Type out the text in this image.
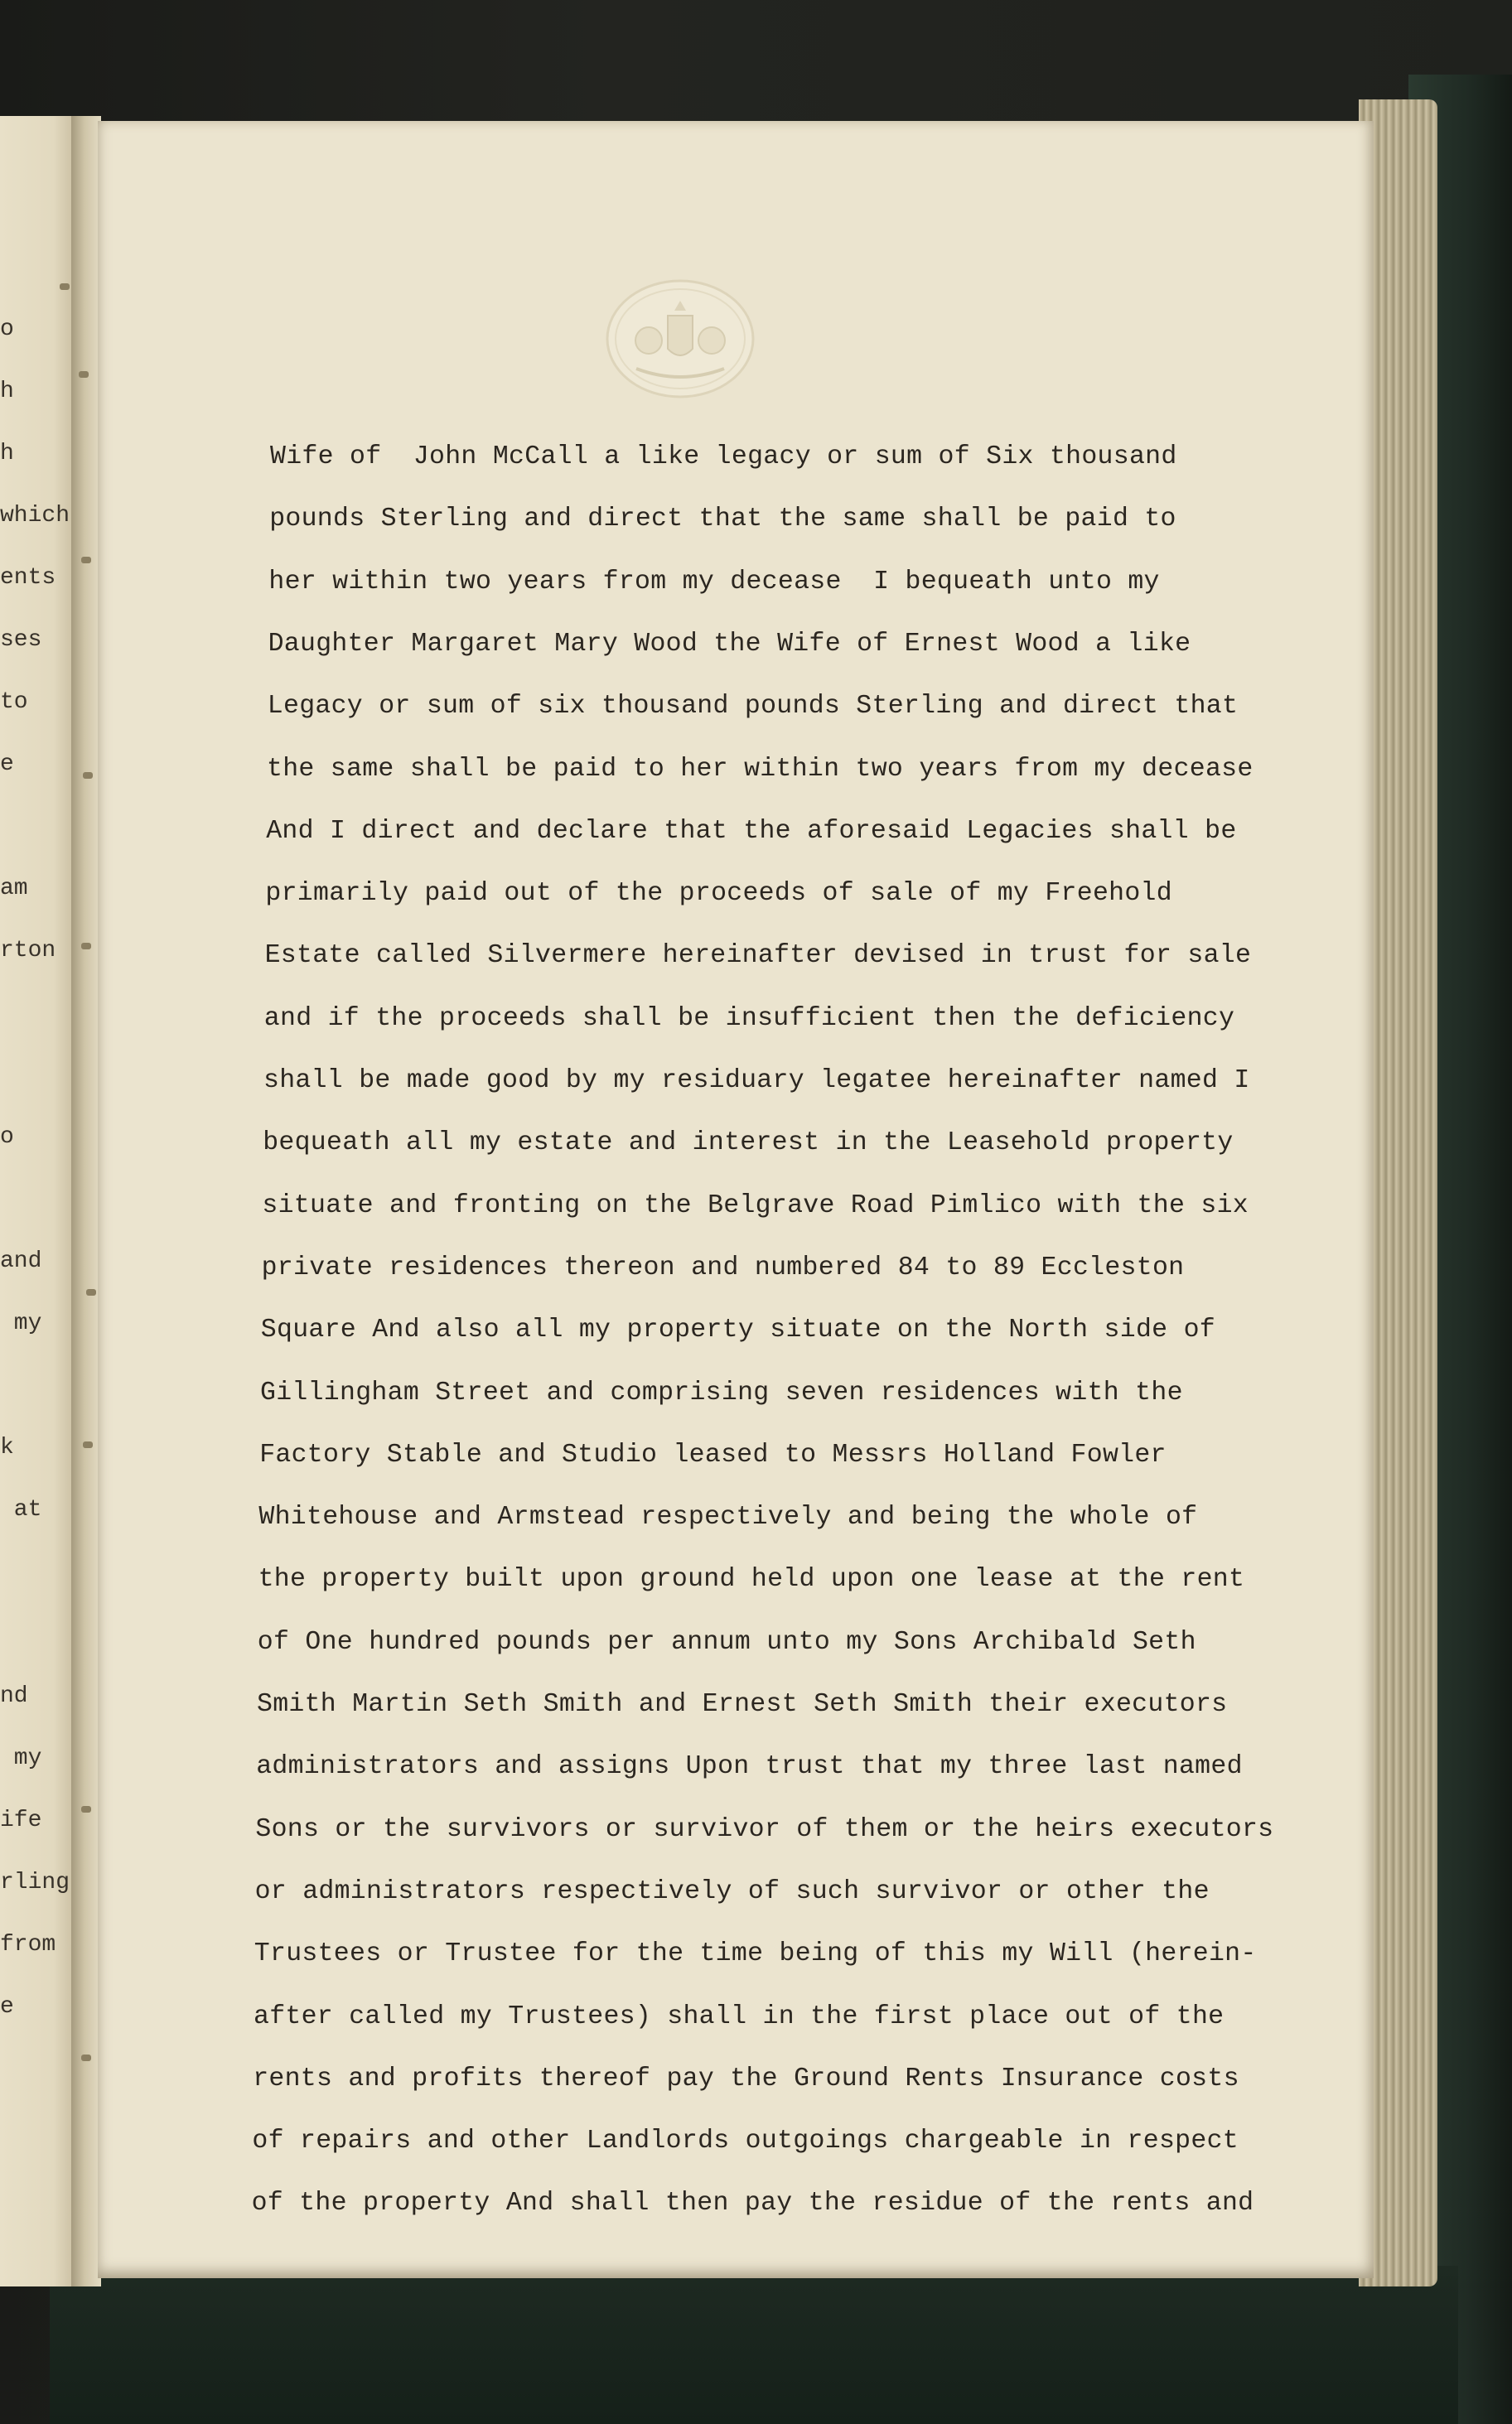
o
h
h
which
ents
ses
to
e
am
rton
o
and
my
k
at
nd
my
ife
rling
from
e
Wife of  John McCall a like legacy or sum of Six thousand
pounds Sterling and direct that the same shall be paid to
her within two years from my decease  I bequeath unto my
Daughter Margaret Mary Wood the Wife of Ernest Wood a like
Legacy or sum of six thousand pounds Sterling and direct that
the same shall be paid to her within two years from my decease
And I direct and declare that the aforesaid Legacies shall be
primarily paid out of the proceeds of sale of my Freehold
Estate called Silvermere hereinafter devised in trust for sale
and if the proceeds shall be insufficient then the deficiency
shall be made good by my residuary legatee hereinafter named I
bequeath all my estate and interest in the Leasehold property
situate and fronting on the Belgrave Road Pimlico with the six
private residences thereon and numbered 84 to 89 Eccleston
Square And also all my property situate on the North side of
Gillingham Street and comprising seven residences with the
Factory Stable and Studio leased to Messrs Holland Fowler
Whitehouse and Armstead respectively and being the whole of
the property built upon ground held upon one lease at the rent
of One hundred pounds per annum unto my Sons Archibald Seth
Smith Martin Seth Smith and Ernest Seth Smith their executors
administrators and assigns Upon trust that my three last named
Sons or the survivors or survivor of them or the heirs executors
or administrators respectively of such survivor or other the
Trustees or Trustee for the time being of this my Will (herein-
after called my Trustees) shall in the first place out of the
rents and profits thereof pay the Ground Rents Insurance costs
of repairs and other Landlords outgoings chargeable in respect
of the property And shall then pay the residue of the rents and
